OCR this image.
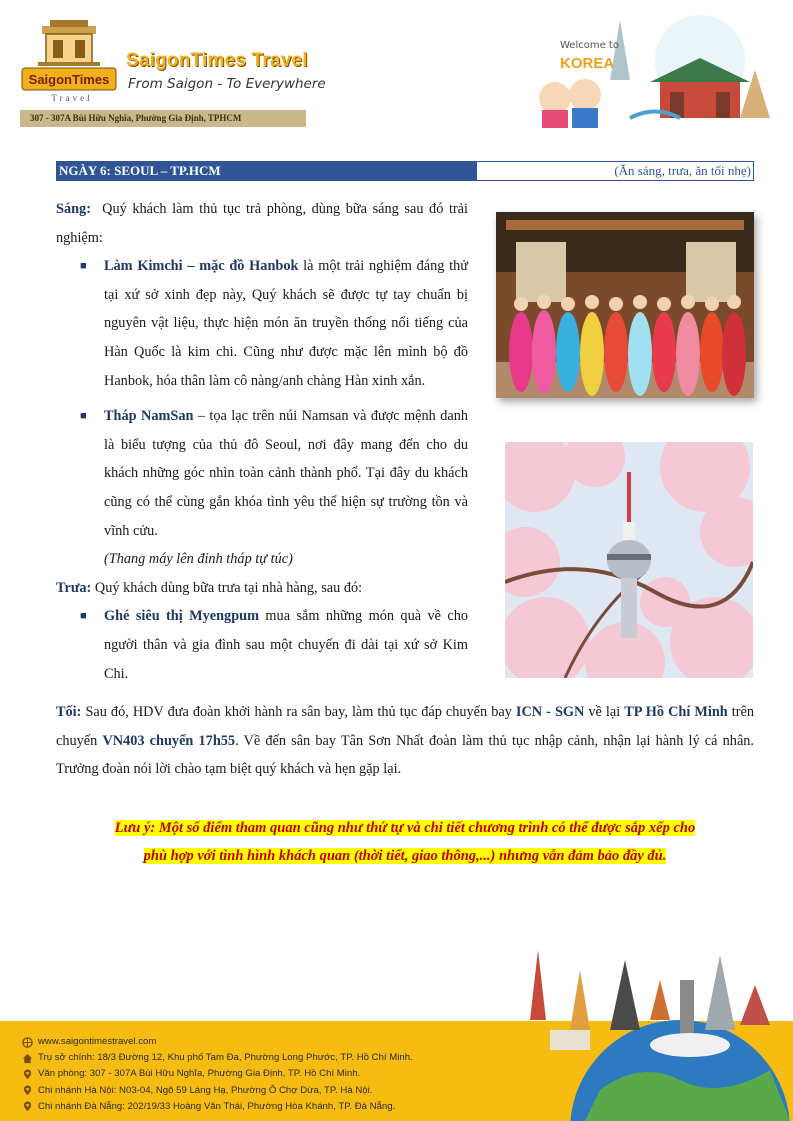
SaigonTimes
Travel
SaigonTimes Travel
From Saigon - To Everywhere
307 - 307A Bùi Hữu Nghĩa, Phường Gia Định, TPHCM
Welcome to
KOREA
NGÀY 6: SEOUL – TP.HCM	(Ăn sáng, trưa, ăn tối nhẹ)

Sáng: Quý khách làm thủ tục trả phòng, dùng bữa sáng sau đó trải nghiệm:

■ Làm Kimchi – mặc đồ Hanbok là một trải nghiệm đáng thử tại xứ sở xinh đẹp này, Quý khách sẽ được tự tay chuẩn bị nguyên vật liệu, thực hiện món ăn truyền thống nổi tiếng của Hàn Quốc là kim chi. Cũng như được mặc lên mình bộ đồ Hanbok, hóa thân làm cô nàng/anh chàng Hàn xinh xắn.
■ Tháp NamSan – tọa lạc trên núi Namsan và được mệnh danh là biểu tượng của thủ đô Seoul, nơi đây mang đến cho du khách những góc nhìn toàn cảnh thành phố. Tại đây du khách cũng có thể cùng gắn khóa tình yêu thể hiện sự trường tồn và vĩnh cửu.
(Thang máy lên đỉnh tháp tự túc)

Trưa: Quý khách dùng bữa trưa tại nhà hàng, sau đó:

■ Ghé siêu thị Myengpum mua sắm những món quà về cho người thân và gia đình sau một chuyến đi dài tại xứ sở Kim Chi.

Tối: Sau đó, HDV đưa đoàn khởi hành ra sân bay, làm thủ tục đáp chuyến bay ICN - SGN về lại TP Hồ Chí Minh trên chuyến VN403 chuyến 17h55. Về đến sân bay Tân Sơn Nhất đoàn làm thủ tục nhập cảnh, nhận lại hành lý cá nhân. Trưởng đoàn nói lời chào tạm biệt quý khách và hẹn gặp lại.

Lưu ý: Một số điểm tham quan cũng như thứ tự và chi tiết chương trình có thể được sắp xếp cho
phù hợp với tình hình khách quan (thời tiết, giao thông,...) nhưng vẫn đảm bảo đầy đủ.
www.saigontimestravel.com
Trụ sở chính: 18/3 Đường 12, Khu phố Tam Đa, Phường Long Phước, TP. Hồ Chí Minh.
Văn phòng: 307 - 307A Bùi Hữu Nghĩa, Phường Gia Định, TP. Hồ Chí Minh.
Chi nhánh Hà Nội: N03-04, Ngõ 59 Láng Hạ, Phường Ô Chợ Dừa, TP. Hà Nội.
Chi nhánh Đà Nẵng: 202/19/33 Hoàng Văn Thái, Phường Hòa Khánh, TP. Đà Nẵng.
